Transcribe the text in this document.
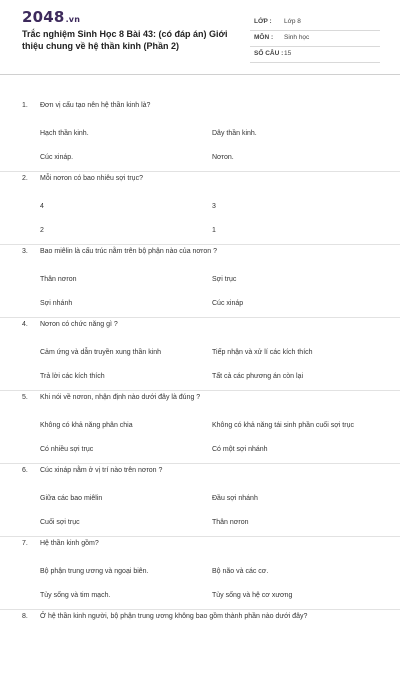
2048.vn
Trắc nghiệm Sinh Học 8 Bài 43: (có đáp án) Giới thiệu chung về hệ thần kinh (Phần 2)
LỚP : Lớp 8
MÔN : Sinh học
SỐ CÂU : 15
1. Đơn vị cấu tạo nên hệ thần kinh là?
Hạch thần kinh.	Dây thần kinh.
Cúc xináp.	Nơron.
2. Mỗi nơron có bao nhiêu sợi trục?
4	3
2	1
3. Bao miêlin là cấu trúc nằm trên bộ phận nào của nơron ?
Thân nơron	Sợi trục
Sợi nhánh	Cúc xináp
4. Nơron có chức năng gì ?
Cảm ứng và dẫn truyền xung thần kinh	Tiếp nhận và xử lí các kích thích
Trả lời các kích thích	Tất cả các phương án còn lại
5. Khi nói về nơron, nhận định nào dưới đây là đúng ?
Không có khả năng phân chia	Không có khả năng tái sinh phần cuối sợi trục
Có nhiều sợi trục	Có một sợi nhánh
6. Cúc xináp nằm ở vị trí nào trên nơron ?
Giữa các bao miêlin	Đầu sợi nhánh
Cuối sợi trục	Thân nơron
7. Hệ thần kinh gồm?
Bộ phận trung ương và ngoại biên.	Bộ não và các cơ.
Tủy sống và tim mạch.	Tủy sống và hệ cơ xương
8. Ở hệ thần kinh người, bộ phận trung ương không bao gồm thành phần nào dưới đây?
